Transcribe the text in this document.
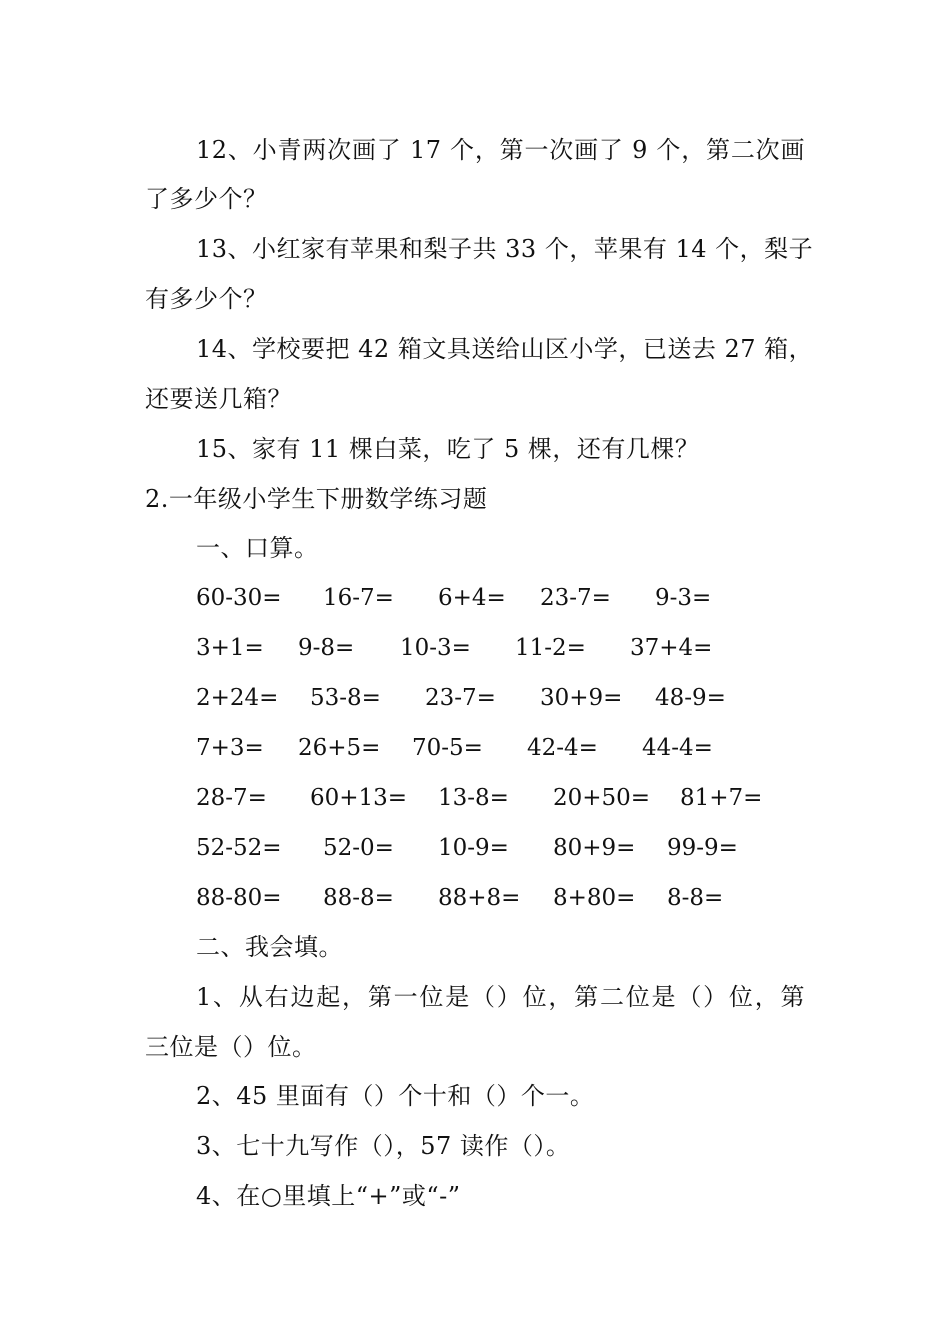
12、小青两次画了 17 个，第一次画了 9 个，第二次画
了多少个？
13、小红家有苹果和梨子共 33 个，苹果有 14 个，梨子
有多少个？
14、学校要把 42 箱文具送给山区小学，已送去 27 箱，
还要送几箱？
15、家有 11 棵白菜，吃了 5 棵，还有几棵？
2.一年级小学生下册数学练习题
一、口算。
60-30= 16-7= 6+4= 23-7= 9-3=
3+1= 9-8= 10-3= 11-2= 37+4=
2+24= 53-8= 23-7= 30+9= 48-9=
7+3= 26+5= 70-5= 42-4= 44-4=
28-7= 60+13= 13-8= 20+50= 81+7=
52-52= 52-0= 10-9= 80+9= 99-9=
88-80= 88-8= 88+8= 8+80= 8-8=
二、我会填。
1、从右边起，第一位是（）位，第二位是（）位，第
三位是（）位。
2、45 里面有（）个十和（）个一。
3、七十九写作（），57 读作（）。
4、在○里填上“+”或“-”
